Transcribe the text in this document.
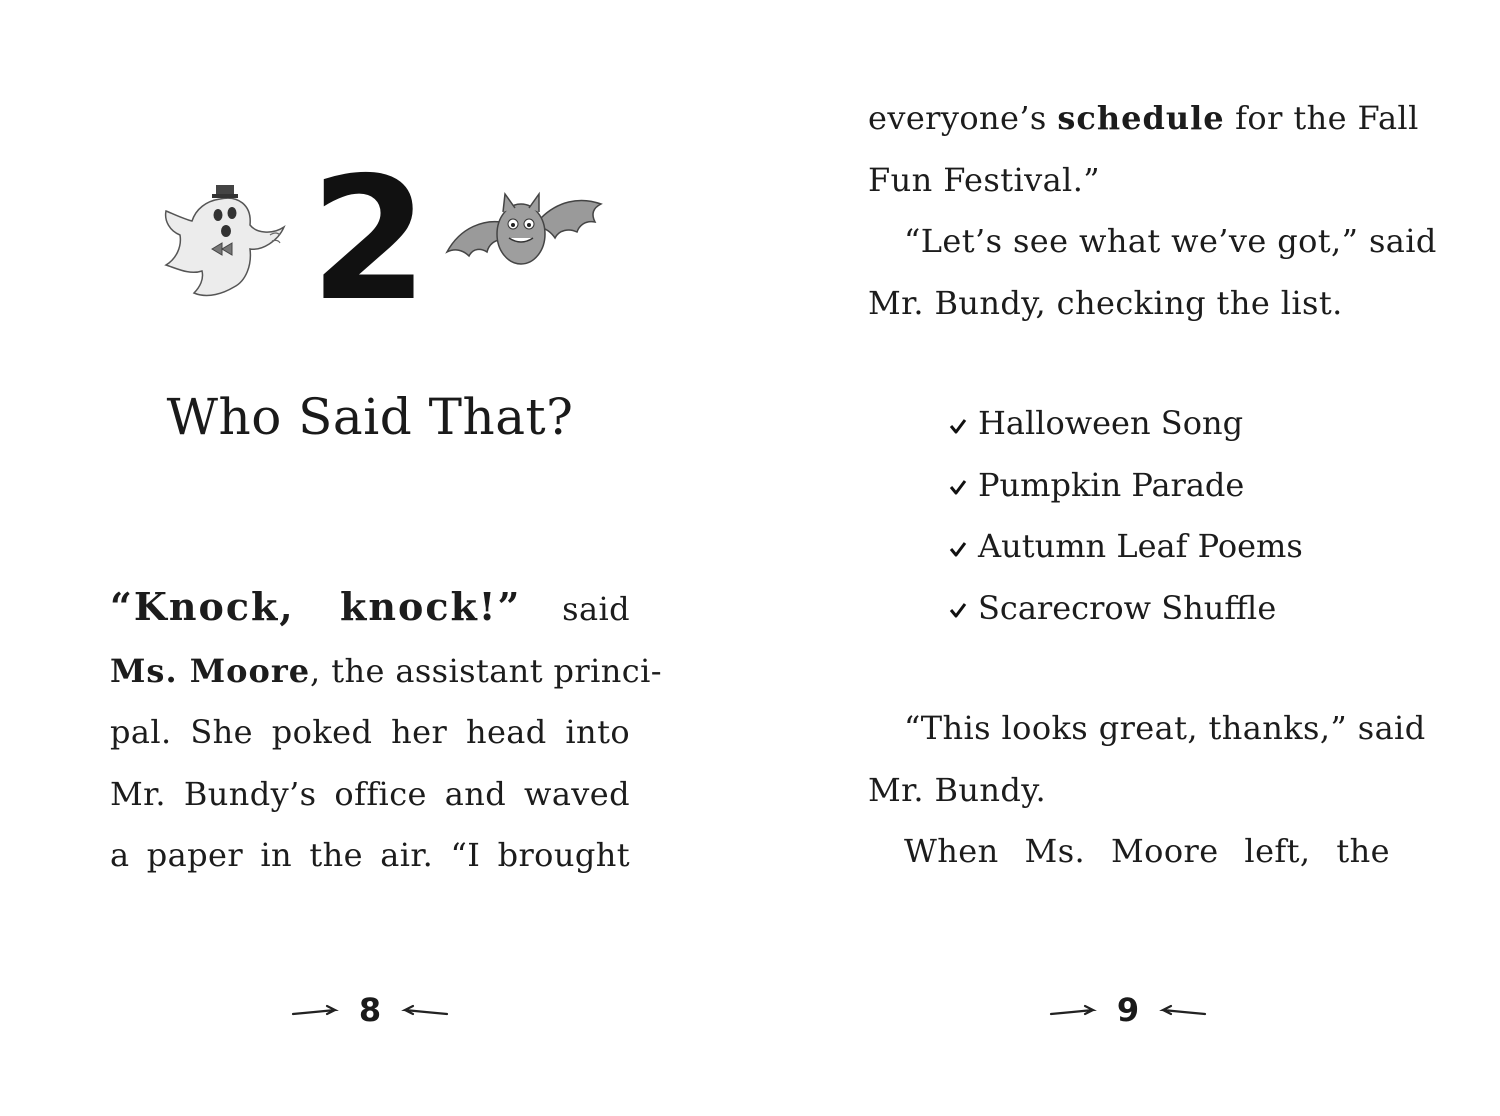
2
Who Said That?
“Knock, knock!” said
Ms. Moore, the assistant princi-
pal. She poked her head into
Mr. Bundy’s office and waved
a paper in the air. “I brought
8
everyone’s schedule for the Fall
Fun Festival.”
“Let’s see what we’ve got,” said
Mr. Bundy, checking the list.
Halloween Song
Pumpkin Parade
Autumn Leaf Poems
Scarecrow Shuffle
“This looks great, thanks,” said
Mr. Bundy.
When Ms. Moore left, the
9
